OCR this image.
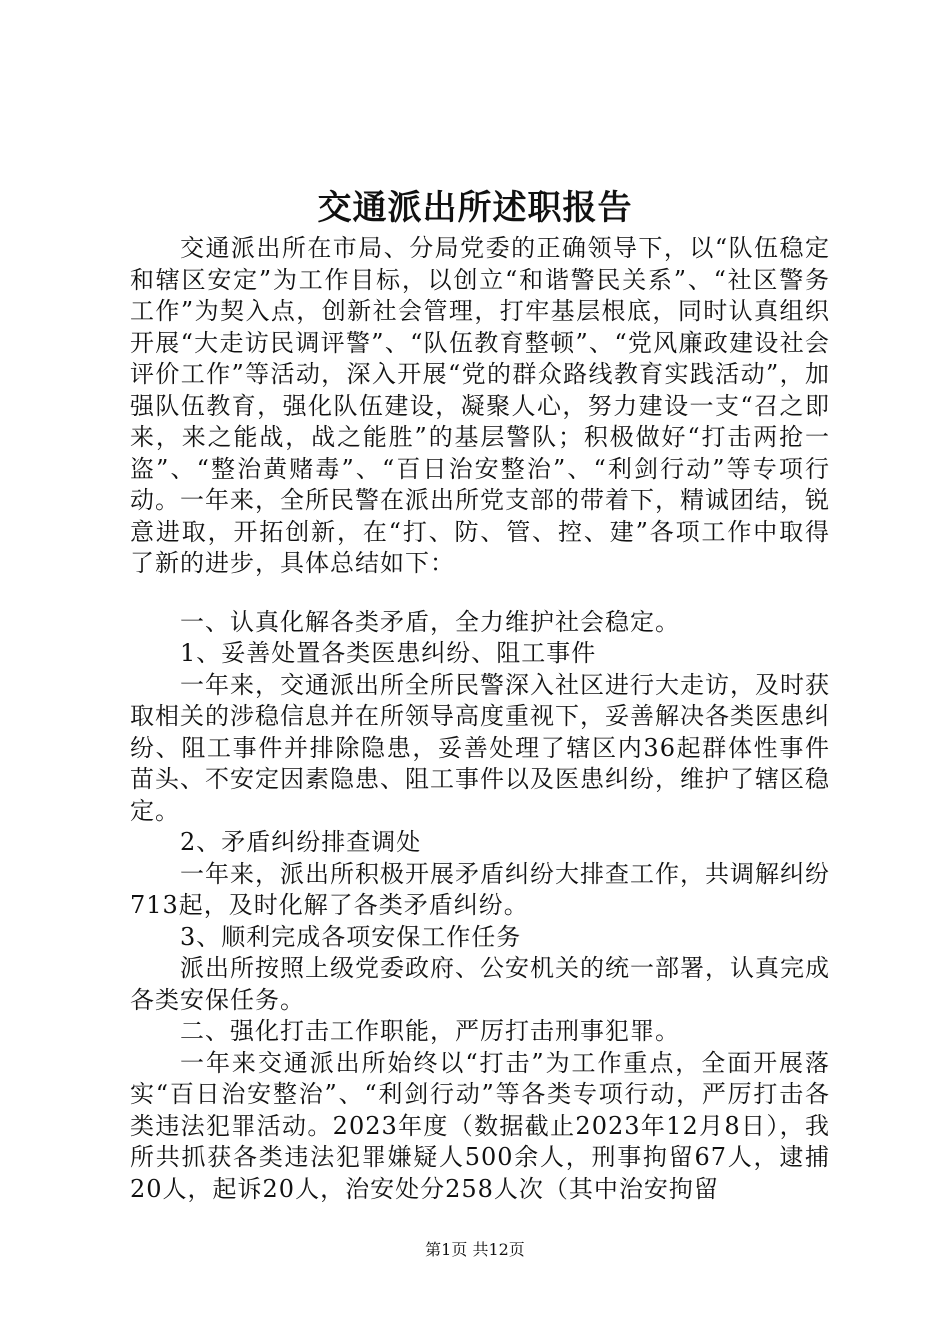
交通派出所述职报告

交通派出所在市局、分局党委的正确领导下，以“队伍稳定和辖区安定”为工作目标，以创立“和谐警民关系”、“社区警务工作”为契入点，创新社会管理，打牢基层根底，同时认真组织开展“大走访民调评警”、“队伍教育整顿”、“党风廉政建设社会评价工作”等活动，深入开展“党的群众路线教育实践活动”，加强队伍教育，强化队伍建设，凝聚人心，努力建设一支“召之即来，来之能战，战之能胜”的基层警队；积极做好“打击两抢一盗”、“整治黄赌毒”、“百日治安整治”、“利剑行动”等专项行动。一年来，全所民警在派出所党支部的带着下，精诚团结，锐意进取，开拓创新，在“打、防、管、控、建”各项工作中取得了新的进步，具体总结如下：

一、认真化解各类矛盾，全力维护社会稳定。

1、妥善处置各类医患纠纷、阻工事件

一年来，交通派出所全所民警深入社区进行大走访，及时获取相关的涉稳信息并在所领导高度重视下，妥善解决各类医患纠纷、阻工事件并排除隐患，妥善处理了辖区内36起群体性事件苗头、不安定因素隐患、阻工事件以及医患纠纷，维护了辖区稳定。

2、矛盾纠纷排查调处

一年来，派出所积极开展矛盾纠纷大排查工作，共调解纠纷713起，及时化解了各类矛盾纠纷。

3、顺利完成各项安保工作任务

派出所按照上级党委政府、公安机关的统一部署，认真完成各类安保任务。

二、强化打击工作职能，严厉打击刑事犯罪。

一年来交通派出所始终以“打击”为工作重点，全面开展落实“百日治安整治”、“利剑行动”等各类专项行动，严厉打击各类违法犯罪活动。2023年度（数据截止2023年12月8日），我所共抓获各类违法犯罪嫌疑人500余人，刑事拘留67人，逮捕20人，起诉20人，治安处分258人次（其中治安拘留

第1页 共12页
